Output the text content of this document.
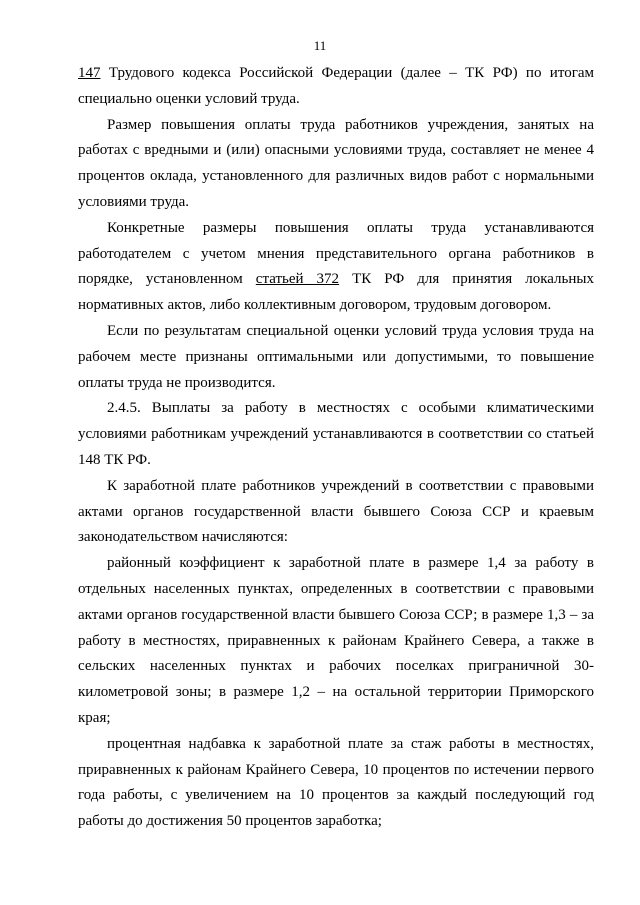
11

147 Трудового кодекса Российской Федерации (далее – ТК РФ) по итогам специально оценки условий труда.

Размер повышения оплаты труда работников учреждения, занятых на работах с вредными и (или) опасными условиями труда, составляет не менее 4 процентов оклада, установленного для различных видов работ с нормальными условиями труда.

Конкретные размеры повышения оплаты труда устанавливаются работодателем с учетом мнения представительного органа работников в порядке, установленном статьей 372 ТК РФ для принятия локальных нормативных актов, либо коллективным договором, трудовым договором.

Если по результатам специальной оценки условий труда условия труда на рабочем месте признаны оптимальными или допустимыми, то повышение оплаты труда не производится.

2.4.5. Выплаты за работу в местностях с особыми климатическими условиями работникам учреждений устанавливаются в соответствии со статьей 148 ТК РФ.

К заработной плате работников учреждений в соответствии с правовыми актами органов государственной власти бывшего Союза ССР и краевым законодательством начисляются:

районный коэффициент к заработной плате в размере 1,4 за работу в отдельных населенных пунктах, определенных в соответствии с правовыми актами органов государственной власти бывшего Союза ССР; в размере 1,3 – за работу в местностях, приравненных к районам Крайнего Севера, а также в сельских населенных пунктах и рабочих поселках приграничной 30-километровой зоны; в размере 1,2 – на остальной территории Приморского края;

процентная надбавка к заработной плате за стаж работы в местностях, приравненных к районам Крайнего Севера, 10 процентов по истечении первого года работы, с увеличением на 10 процентов за каждый последующий год работы до достижения 50 процентов заработка;
